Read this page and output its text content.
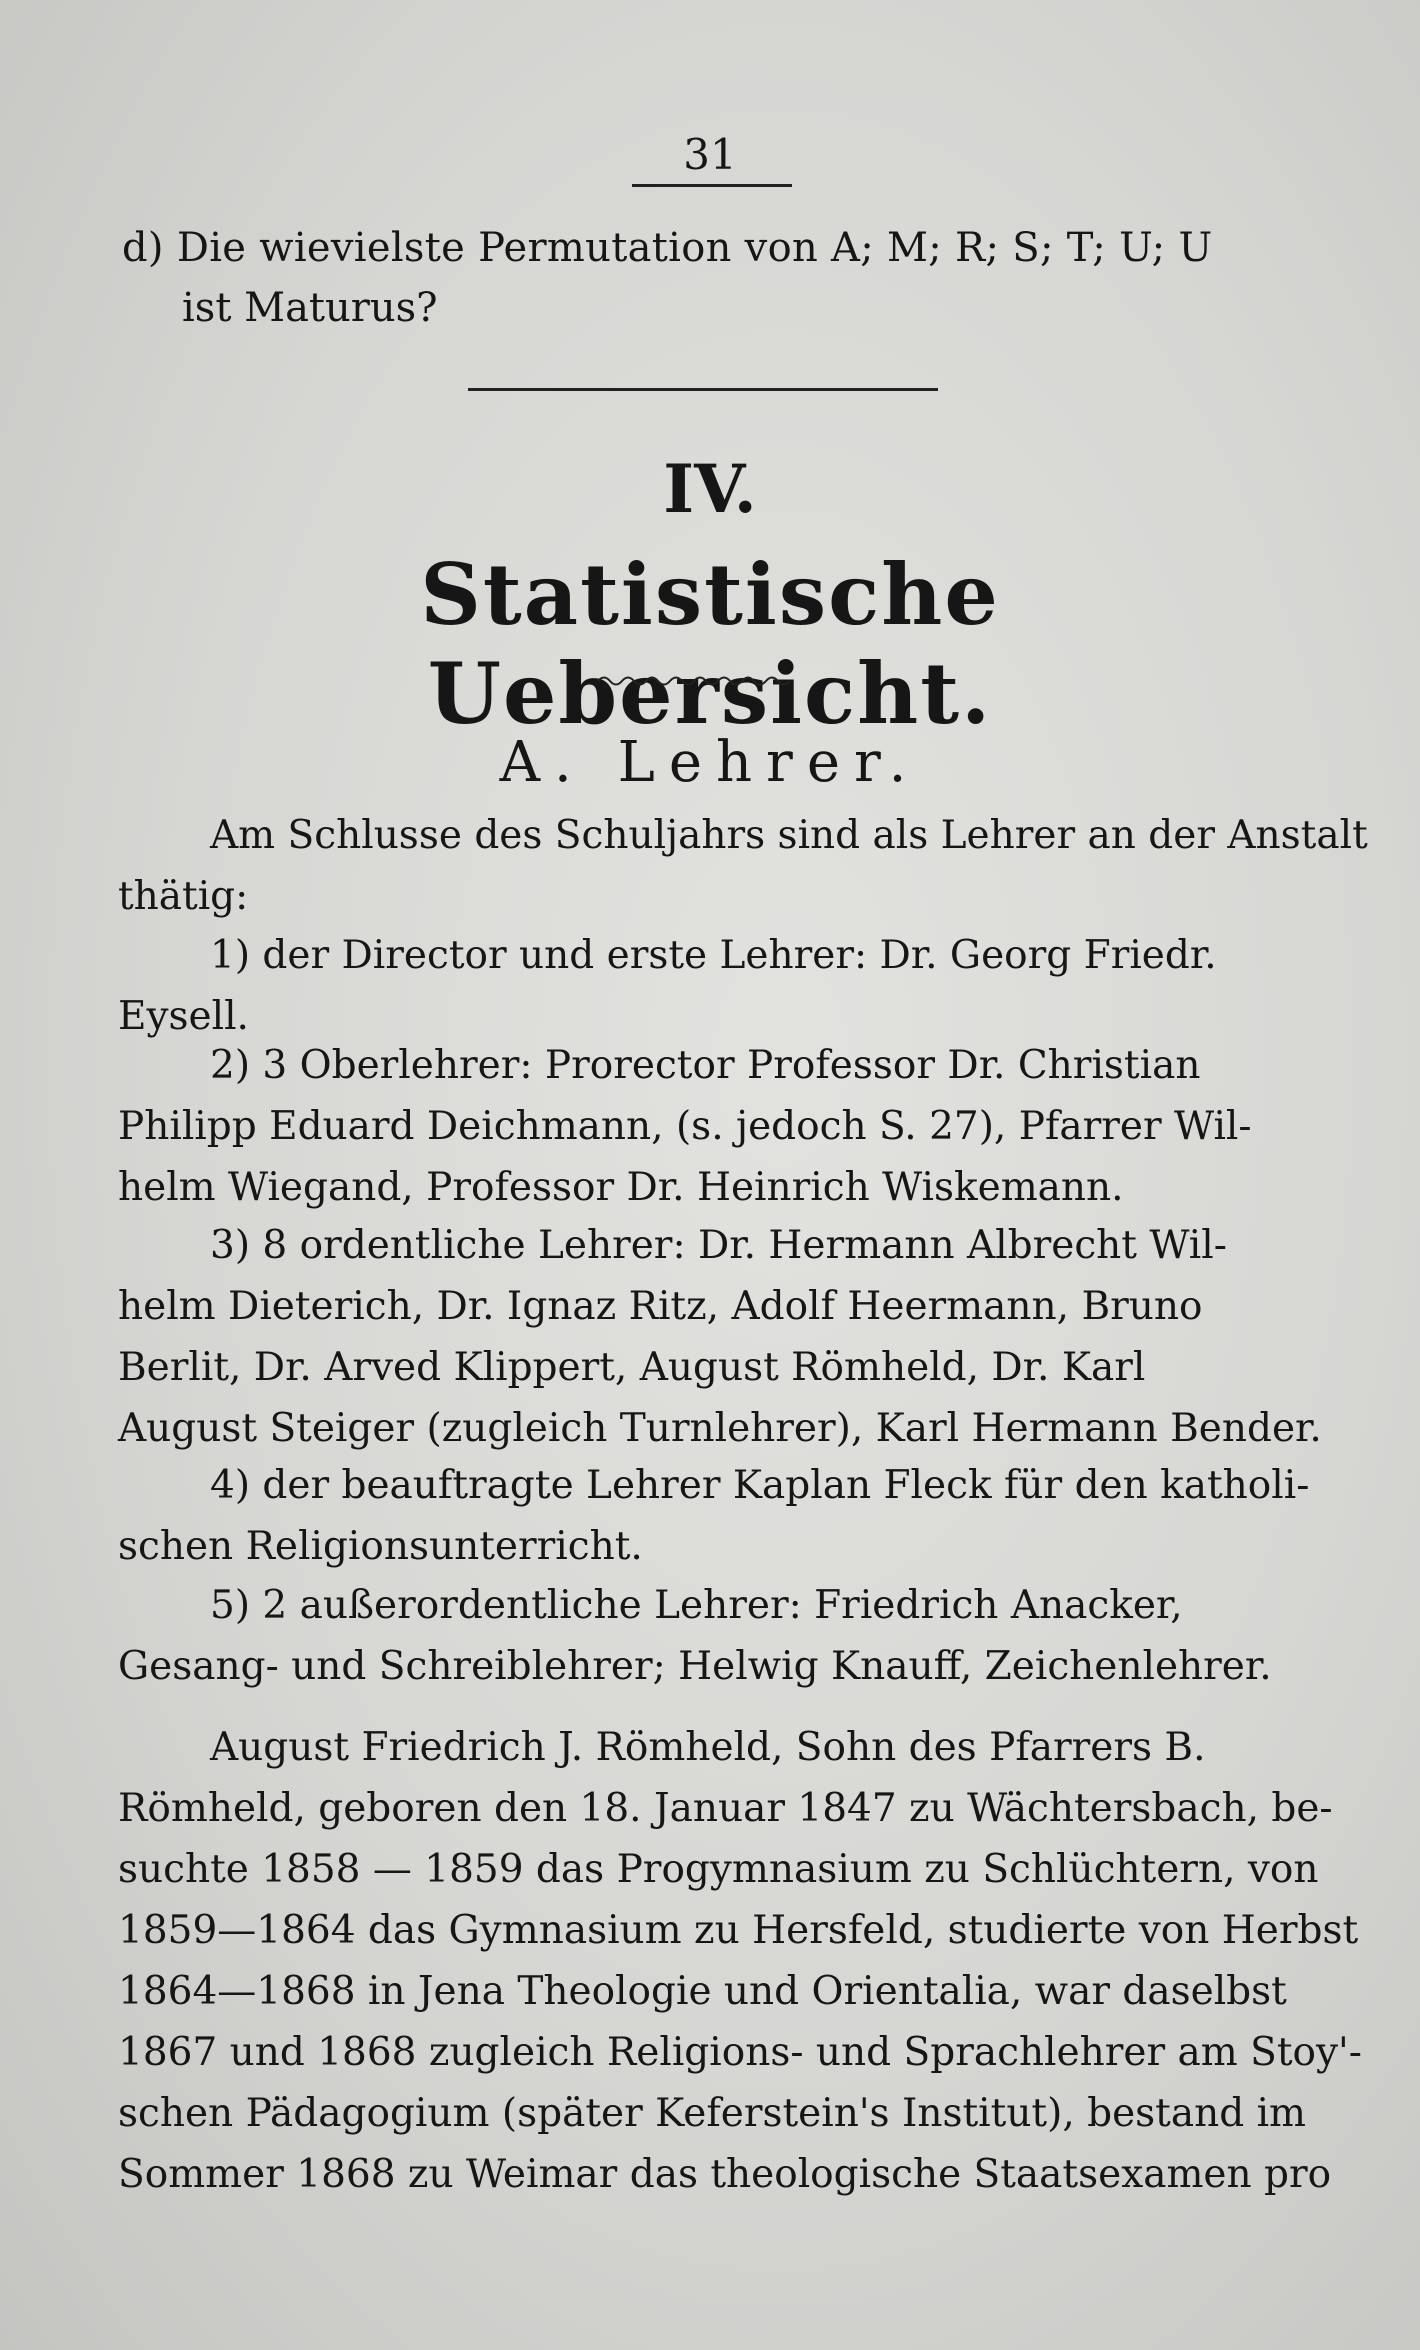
31
d) Die wievielste Permutation von A; M; R; S; T; U; U
ist Maturus?
IV.
Statistische Uebersicht.
A. Lehrer.
Am Schlusse des Schuljahrs sind als Lehrer an der Anstalt
thätig:
1) der Director und erste Lehrer: Dr. Georg Friedr.
Eysell.
2) 3 Oberlehrer: Prorector Professor Dr. Christian
Philipp Eduard Deichmann, (s. jedoch S. 27), Pfarrer Wil-
helm Wiegand, Professor Dr. Heinrich Wiskemann.
3) 8 ordentliche Lehrer: Dr. Hermann Albrecht Wil-
helm Dieterich, Dr. Ignaz Ritz, Adolf Heermann, Bruno
Berlit, Dr. Arved Klippert, August Römheld, Dr. Karl
August Steiger (zugleich Turnlehrer), Karl Hermann Bender.
4) der beauftragte Lehrer Kaplan Fleck für den katholi-
schen Religionsunterricht.
5) 2 außerordentliche Lehrer: Friedrich Anacker,
Gesang- und Schreiblehrer; Helwig Knauff, Zeichenlehrer.
August Friedrich J. Römheld, Sohn des Pfarrers B.
Römheld, geboren den 18. Januar 1847 zu Wächtersbach, be-
suchte 1858 — 1859 das Progymnasium zu Schlüchtern, von
1859—1864 das Gymnasium zu Hersfeld, studierte von Herbst
1864—1868 in Jena Theologie und Orientalia, war daselbst
1867 und 1868 zugleich Religions- und Sprachlehrer am Stoy'-
schen Pädagogium (später Keferstein's Institut), bestand im
Sommer 1868 zu Weimar das theologische Staatsexamen pro
